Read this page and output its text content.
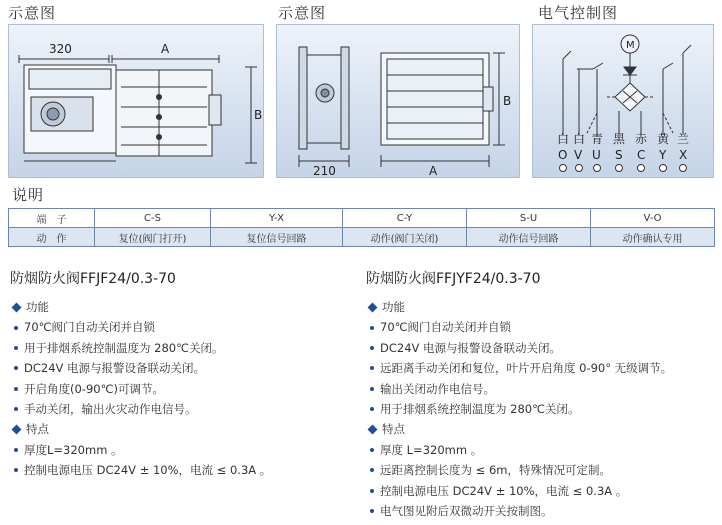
示意图	示意图	电气控制图
320	A
B
210	A
B
M
白 白 青 黑 赤 黄 兰
O V U S C Y X
说明
端子	C-S	Y-X	C-Y	S-U	V-O
动作	复位(阀门打开)	复位信号回路	动作(阀门关闭)	动作信号回路	动作确认专用
防烟防火阀FFJF24/0.3-70
功能
70℃阀门自动关闭并自锁
用于排烟系统控制温度为 280℃关闭。
DC24V 电源与报警设备联动关闭。
开启角度(0-90℃)可调节。
手动关闭，输出火灾动作电信号。
特点
厚度L=320mm 。
控制电源电压 DC24V ± 10%，电流 ≤ 0.3A 。
防烟防火阀FFJYF24/0.3-70
功能
70℃阀门自动关闭并自锁
DC24V 电源与报警设备联动关闭。
远距离手动关闭和复位，叶片开启角度 0-90° 无级调节。
输出关闭动作电信号。
用于排烟系统控制温度为 280℃关闭。
特点
厚度 L=320mm 。
远距离控制长度为 ≤ 6m，特殊情况可定制。
控制电源电压 DC24V ± 10%，电流 ≤ 0.3A 。
电气图见附后双微动开关按制图。
